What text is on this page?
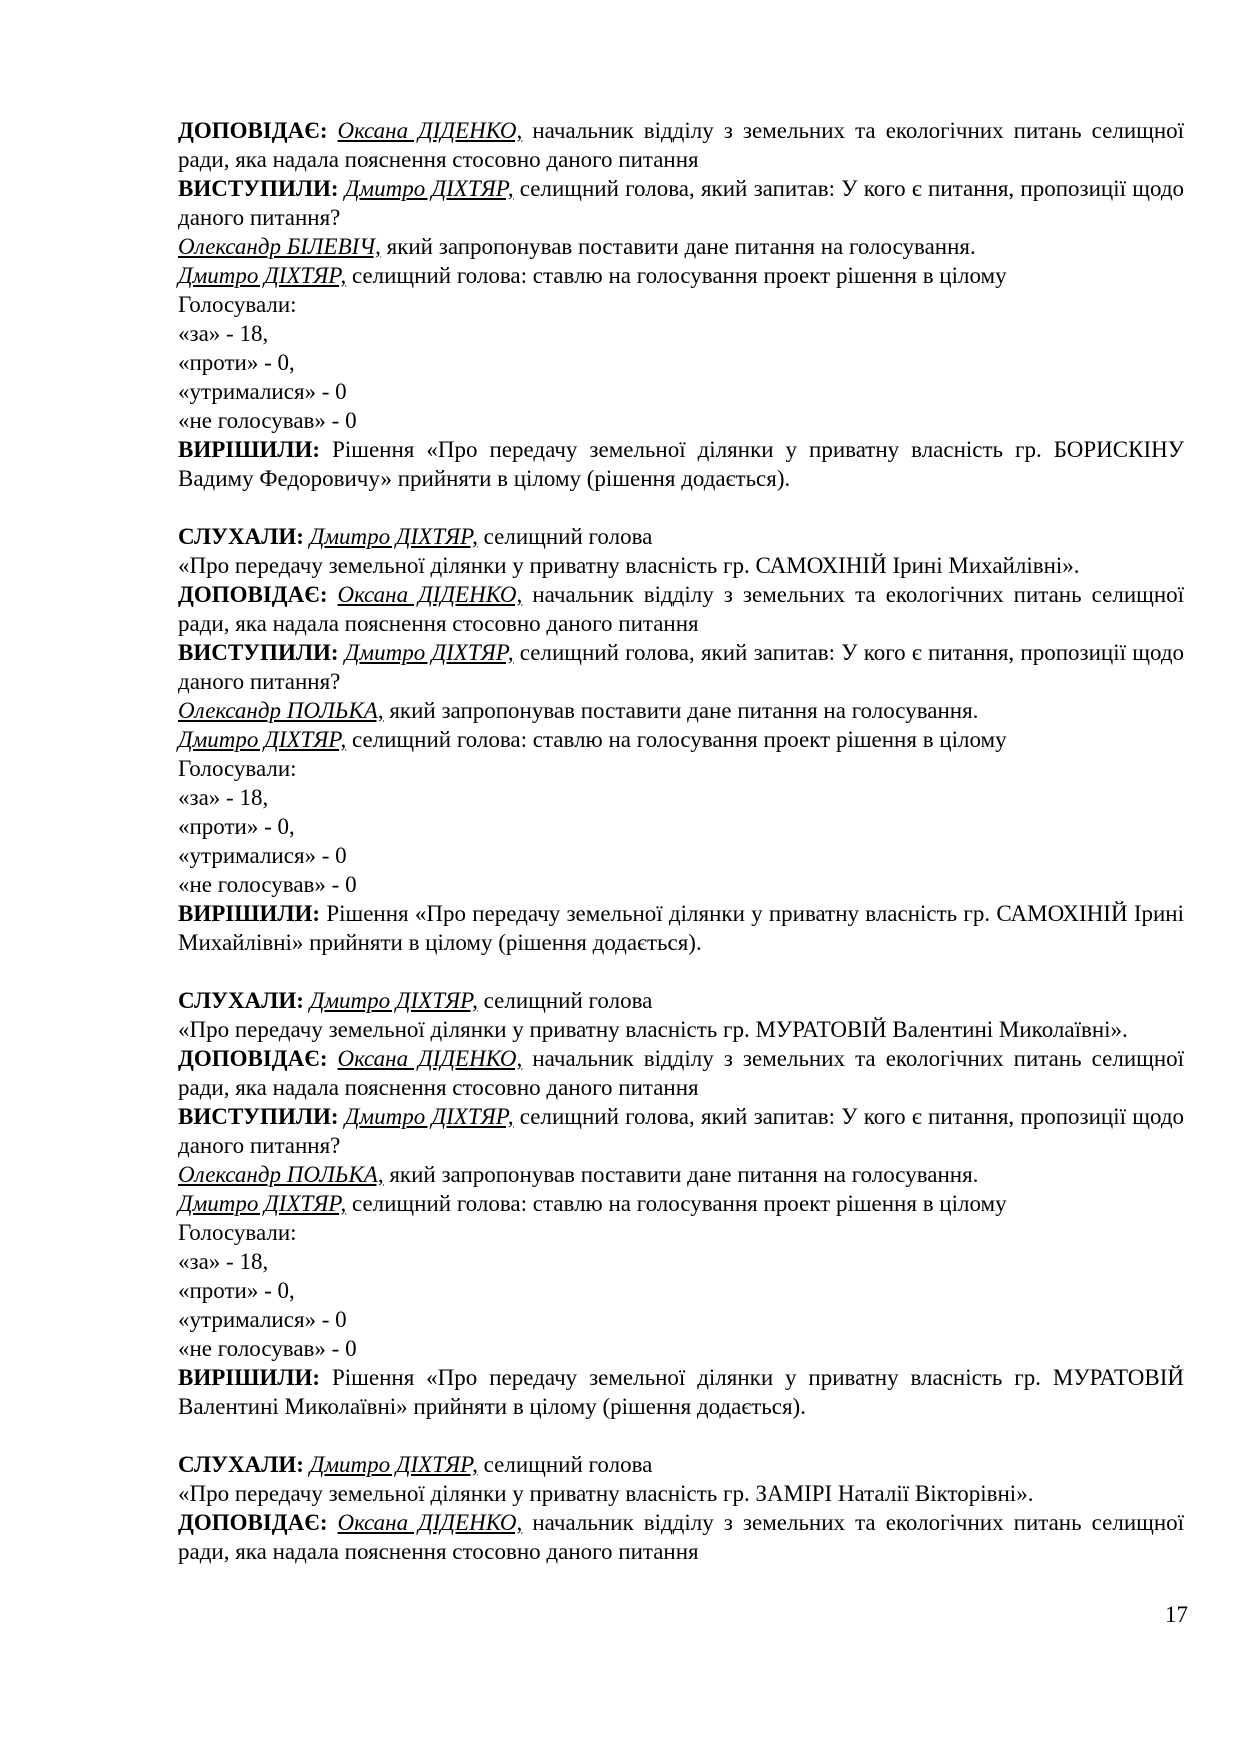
ДОПОВІДАЄ: Оксана ДІДЕНКО, начальник відділу з земельних та екологічних питань селищної ради, яка надала пояснення стосовно даного питання

ВИСТУПИЛИ: Дмитро ДІХТЯР, селищний голова, який запитав: У кого є питання, пропозиції щодо даного питання?

Олександр БІЛЕВІЧ, який запропонував поставити дане питання на голосування.

Дмитро ДІХТЯР, селищний голова: ставлю на голосування проект рішення в цілому

Голосували:

«за» - 18,

«проти» - 0,

«утрималися» - 0

«не голосував» - 0

ВИРІШИЛИ: Рішення «Про передачу земельної ділянки у приватну власність гр. БОРИСКІНУ Вадиму Федоровичу» прийняти в цілому (рішення додається).

СЛУХАЛИ: Дмитро ДІХТЯР, селищний голова

«Про передачу земельної ділянки у приватну власність гр. САМОХІНІЙ Ірині Михайлівні».

ДОПОВІДАЄ: Оксана ДІДЕНКО, начальник відділу з земельних та екологічних питань селищної ради, яка надала пояснення стосовно даного питання

ВИСТУПИЛИ: Дмитро ДІХТЯР, селищний голова, який запитав: У кого є питання, пропозиції щодо даного питання?

Олександр ПОЛЬКА, який запропонував поставити дане питання на голосування.

Дмитро ДІХТЯР, селищний голова: ставлю на голосування проект рішення в цілому

Голосували:

«за» - 18,

«проти» - 0,

«утрималися» - 0

«не голосував» - 0

ВИРІШИЛИ: Рішення «Про передачу земельної ділянки у приватну власність гр. САМОХІНІЙ Ірині Михайлівні» прийняти в цілому (рішення додається).

СЛУХАЛИ: Дмитро ДІХТЯР, селищний голова

«Про передачу земельної ділянки у приватну власність гр. МУРАТОВІЙ Валентині Миколаївні».

ДОПОВІДАЄ: Оксана ДІДЕНКО, начальник відділу з земельних та екологічних питань селищної ради, яка надала пояснення стосовно даного питання

ВИСТУПИЛИ: Дмитро ДІХТЯР, селищний голова, який запитав: У кого є питання, пропозиції щодо даного питання?

Олександр ПОЛЬКА, який запропонував поставити дане питання на голосування.

Дмитро ДІХТЯР, селищний голова: ставлю на голосування проект рішення в цілому

Голосували:

«за» - 18,

«проти» - 0,

«утрималися» - 0

«не голосував» - 0

ВИРІШИЛИ: Рішення «Про передачу земельної ділянки у приватну власність гр. МУРАТОВІЙ Валентині Миколаївні» прийняти в цілому (рішення додається).

СЛУХАЛИ: Дмитро ДІХТЯР, селищний голова

«Про передачу земельної ділянки у приватну власність гр. ЗАМІРІ Наталії Вікторівні».

ДОПОВІДАЄ: Оксана ДІДЕНКО, начальник відділу з земельних та екологічних питань селищної ради, яка надала пояснення стосовно даного питання

17
